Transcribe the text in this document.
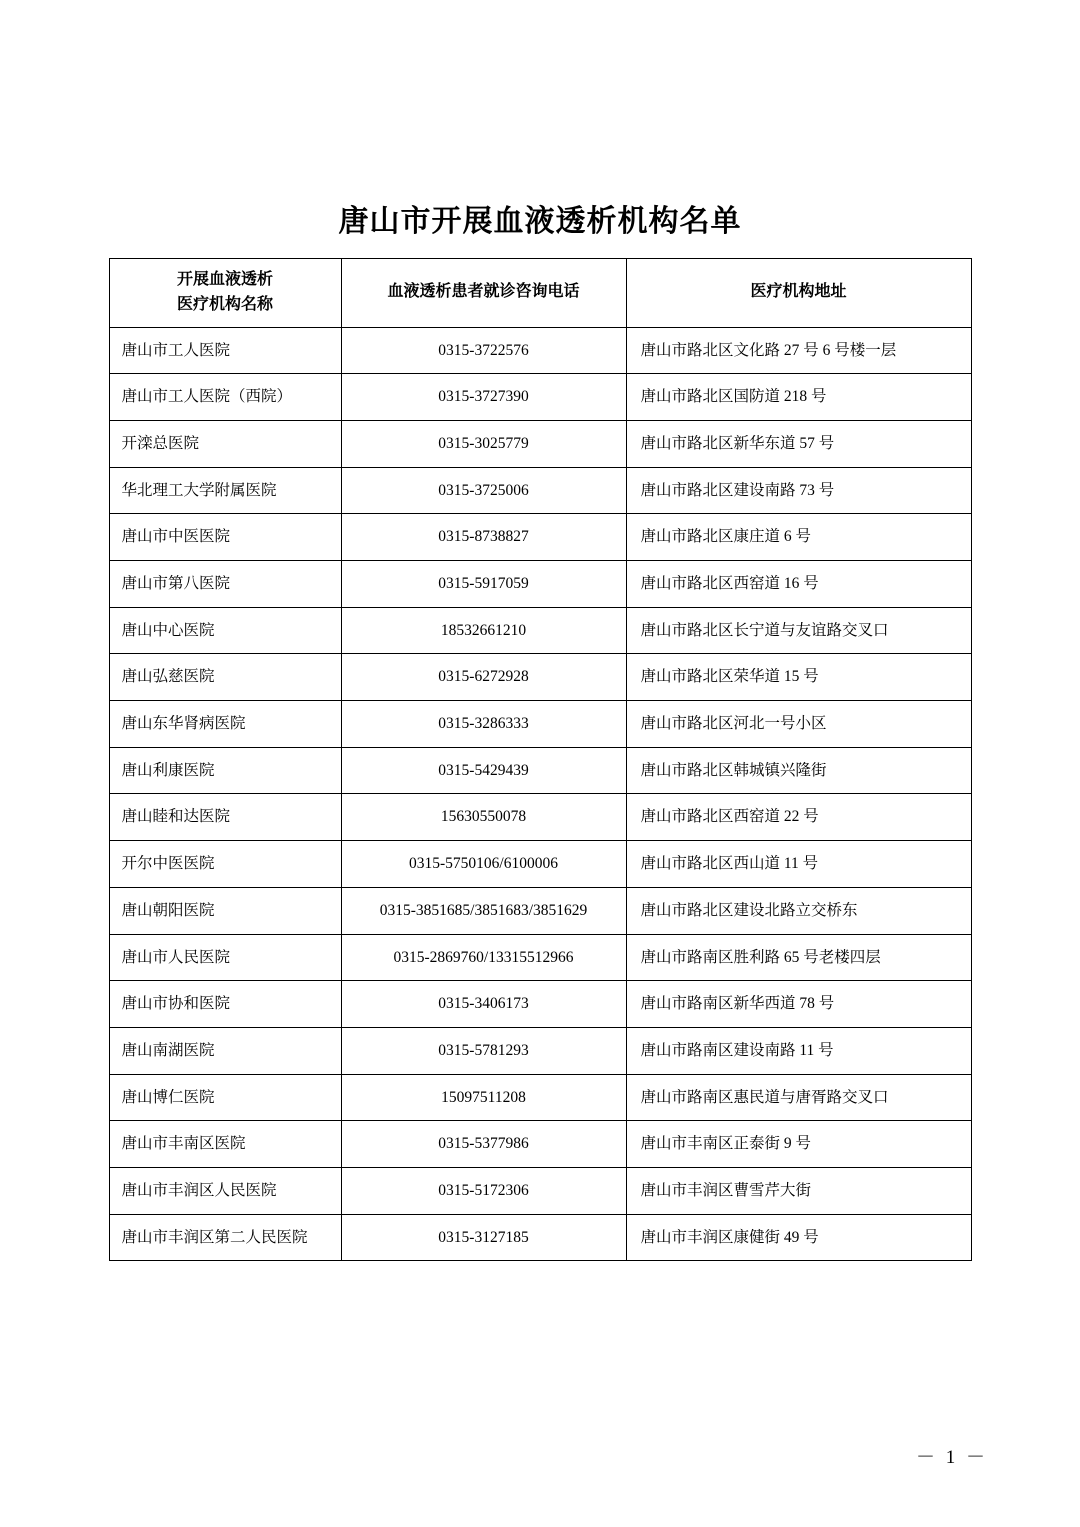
唐山市开展血液透析机构名单
开展血液透析
医疗机构名称	血液透析患者就诊咨询电话	医疗机构地址
唐山市工人医院	0315-3722576	唐山市路北区文化路 27 号 6 号楼一层
唐山市工人医院（西院）	0315-3727390	唐山市路北区国防道 218 号
开滦总医院	0315-3025779	唐山市路北区新华东道 57 号
华北理工大学附属医院	0315-3725006	唐山市路北区建设南路 73 号
唐山市中医医院	0315-8738827	唐山市路北区康庄道 6 号
唐山市第八医院	0315-5917059	唐山市路北区西窑道 16 号
唐山中心医院	18532661210	唐山市路北区长宁道与友谊路交叉口
唐山弘慈医院	0315-6272928	唐山市路北区荣华道 15 号
唐山东华肾病医院	0315-3286333	唐山市路北区河北一号小区
唐山利康医院	0315-5429439	唐山市路北区韩城镇兴隆街
唐山睦和达医院	15630550078	唐山市路北区西窑道 22 号
开尔中医医院	0315-5750106/6100006	唐山市路北区西山道 11 号
唐山朝阳医院	0315-3851685/3851683/3851629	唐山市路北区建设北路立交桥东
唐山市人民医院	0315-2869760/13315512966	唐山市路南区胜利路 65 号老楼四层
唐山市协和医院	0315-3406173	唐山市路南区新华西道 78 号
唐山南湖医院	0315-5781293	唐山市路南区建设南路 11 号
唐山博仁医院	15097511208	唐山市路南区惠民道与唐胥路交叉口
唐山市丰南区医院	0315-5377986	唐山市丰南区正泰街 9 号
唐山市丰润区人民医院	0315-5172306	唐山市丰润区曹雪芹大街
唐山市丰润区第二人民医院	0315-3127185	唐山市丰润区康健街 49 号
－ 1 －
